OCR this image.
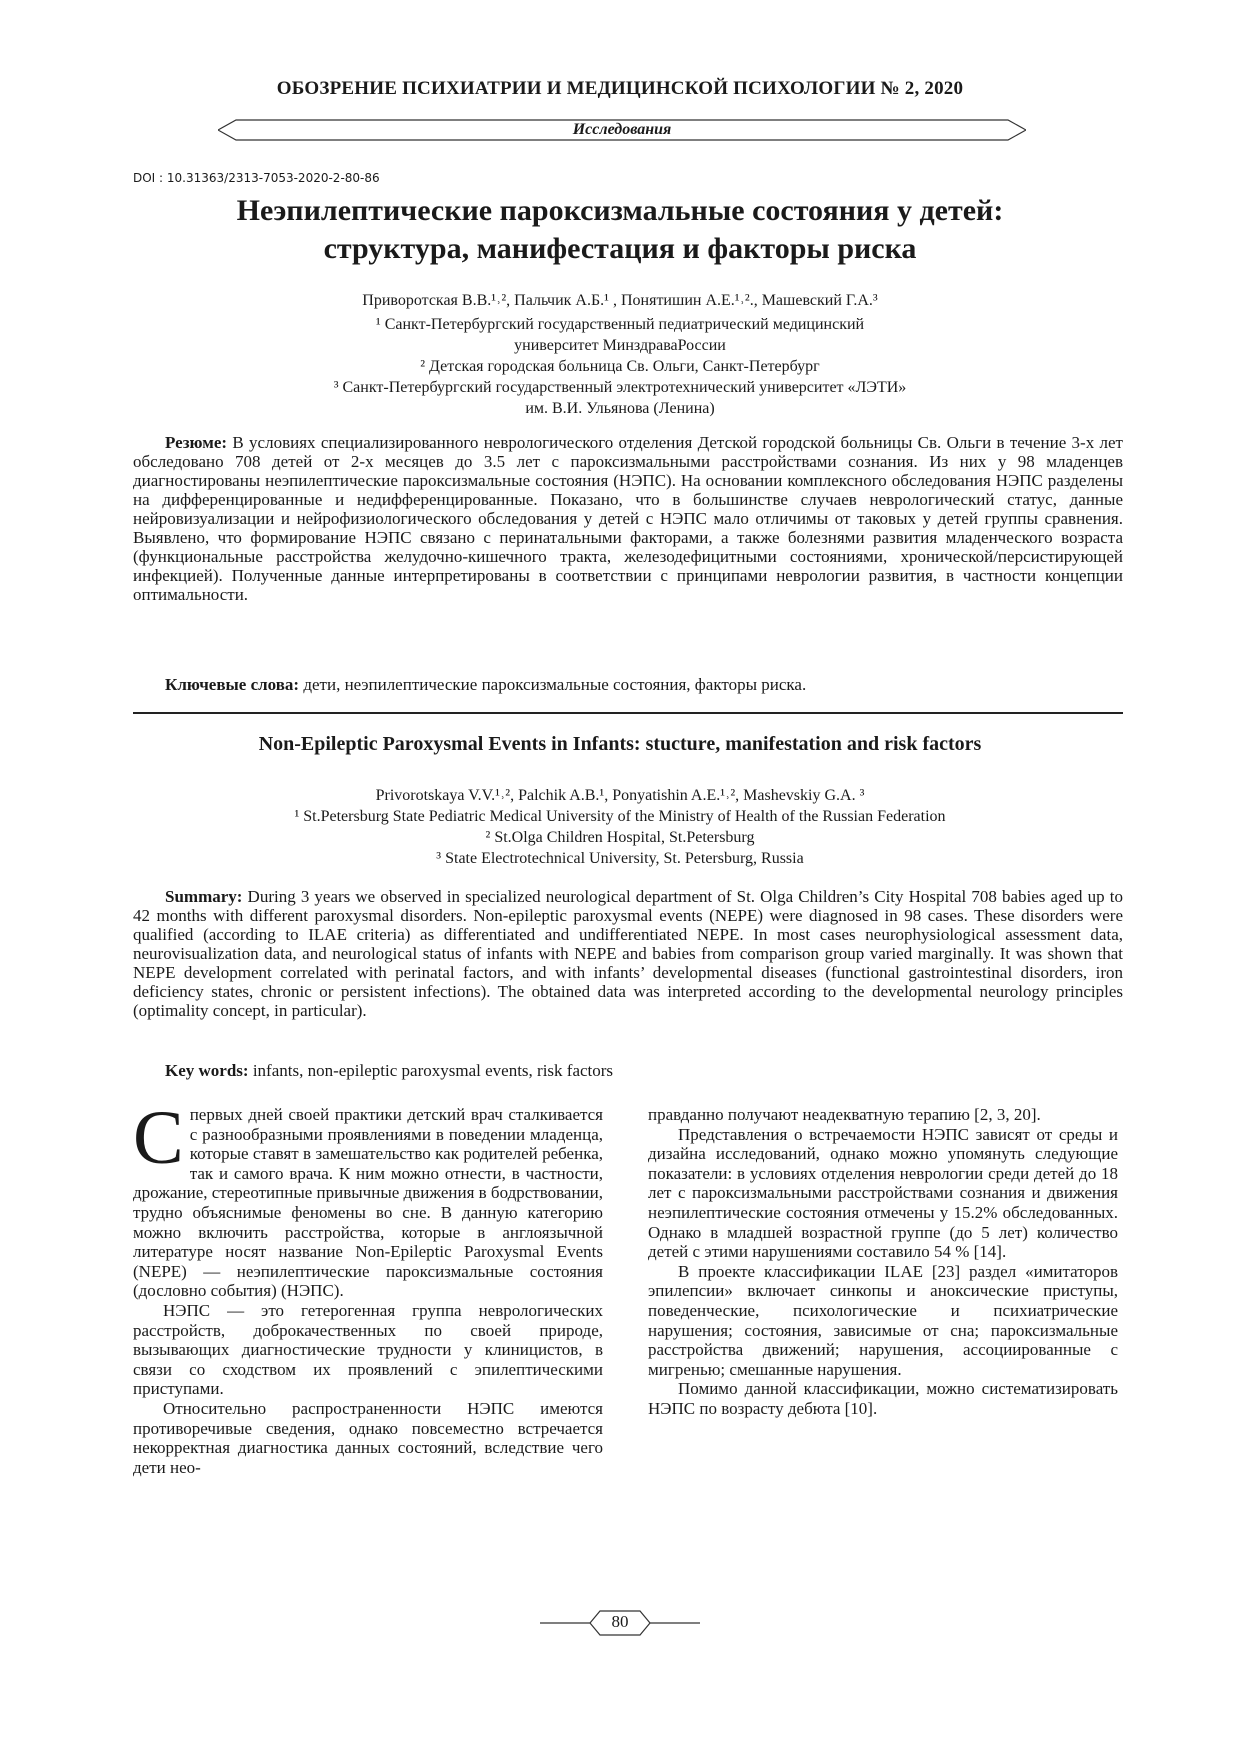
ОБОЗРЕНИЕ ПСИХИАТРИИ И МЕДИЦИНСКОЙ ПСИХОЛОГИИ № 2, 2020
Исследования
DOI : 10.31363/2313-7053-2020-2-80-86
Неэпилептические пароксизмальные состояния у детей:
структура, манифестация и факторы риска
Приворотская В.В.¹˒², Пальчик А.Б.¹ , Понятишин А.Е.¹˒²., Машевский Г.А.³
¹ Санкт-Петербургский государственный педиатрический медицинский
университет МинздраваРоссии
² Детская городская больница Св. Ольги, Санкт-Петербург
³ Санкт-Петербургский государственный электротехнический университет «ЛЭТИ»
им. В.И. Ульянова (Ленина)
Резюме: В условиях специализированного неврологического отделения Детской городской больницы Св. Ольги в течение 3-х лет обследовано 708 детей от 2-х месяцев до 3.5 лет с пароксизмальными расстройствами сознания. Из них у 98 младенцев диагностированы неэпилептические пароксизмальные состояния (НЭПС). На основании комплексного обследования НЭПС разделены на дифференцированные и недифференцированные. Показано, что в большинстве случаев неврологический статус, данные нейровизуализации и нейрофизиологического обследования у детей с НЭПС мало отличимы от таковых у детей группы сравнения. Выявлено, что формирование НЭПС связано с перинатальными факторами, а также болезнями развития младенческого возраста (функциональные расстройства желудочно-кишечного тракта, железодефицитными состояниями, хронической/персистирующей инфекцией). Полученные данные интерпретированы в соответствии с принципами неврологии развития, в частности концепции оптимальности.
Ключевые слова: дети, неэпилептические пароксизмальные состояния, факторы риска.
Non-Epileptic Paroxysmal Events in Infants: stucture, manifestation and risk factors
Privorotskaya V.V.¹˒², Palchik A.B.¹, Ponyatishin A.E.¹˒², Mashevskiy G.A. ³
¹ St.Petersburg State Pediatric Medical University of the Ministry of Health of the Russian Federation
² St.Olga Children Hospital, St.Petersburg
³ State Electrotechnical University, St. Petersburg, Russia
Summary: During 3 years we observed in specialized neurological department of St. Olga Children’s City Hospital 708 babies aged up to 42 months with different paroxysmal disorders. Non-epileptic paroxysmal events (NEPE) were diagnosed in 98 cases. These disorders were qualified (according to ILAE criteria) as differentiated and undifferentiated NEPE. In most cases neurophysiological assessment data, neurovisualization data, and neurological status of infants with NEPE and babies from comparison group varied marginally. It was shown that NEPE development correlated with perinatal factors, and with infants’ developmental diseases (functional gastrointestinal disorders, iron deficiency states, chronic or persistent infections). The obtained data was interpreted according to the developmental neurology principles (optimality concept, in particular).
Key words: infants, non-epileptic paroxysmal events, risk factors

Спервых дней своей практики детский врач сталкивается с разнообразными проявлениями в поведении младенца, которые ставят в замешательство как родителей ребенка, так и самого врача. К ним можно отнести, в частности, дрожание, стереотипные привычные движения в бодрствовании, трудно объяснимые феномены во сне. В данную категорию можно включить расстройства, которые в англоязычной литературе носят название Non-Epileptic Paroxysmal Events (NEPE) — неэпилептические пароксизмальные состояния (дословно события) (НЭПС).

НЭПС — это гетерогенная группа неврологических расстройств, доброкачественных по своей природе, вызывающих диагностические трудности у клиницистов, в связи со сходством их проявлений с эпилептическими приступами.

Относительно распространенности НЭПС имеются противоречивые сведения, однако повсеместно встречается некорректная диагностика данных состояний, вследствие чего дети нео-

правданно получают неадекватную терапию [2, 3, 20].

Представления о встречаемости НЭПС зависят от среды и дизайна исследований, однако можно упомянуть следующие показатели: в условиях отделения неврологии среди детей до 18 лет с пароксизмальными расстройствами сознания и движения неэпилептические состояния отмечены у 15.2% обследованных. Однако в младшей возрастной группе (до 5 лет) количество детей с этими нарушениями составило 54 % [14].

В проекте классификации ILAE [23] раздел «имитаторов эпилепсии» включает синкопы и аноксические приступы, поведенческие, психологические и психиатрические нарушения; состояния, зависимые от сна; пароксизмальные расстройства движений; нарушения, ассоциированные с мигренью; смешанные нарушения.

Помимо данной классификации, можно систематизировать НЭПС по возрасту дебюта [10].

80
